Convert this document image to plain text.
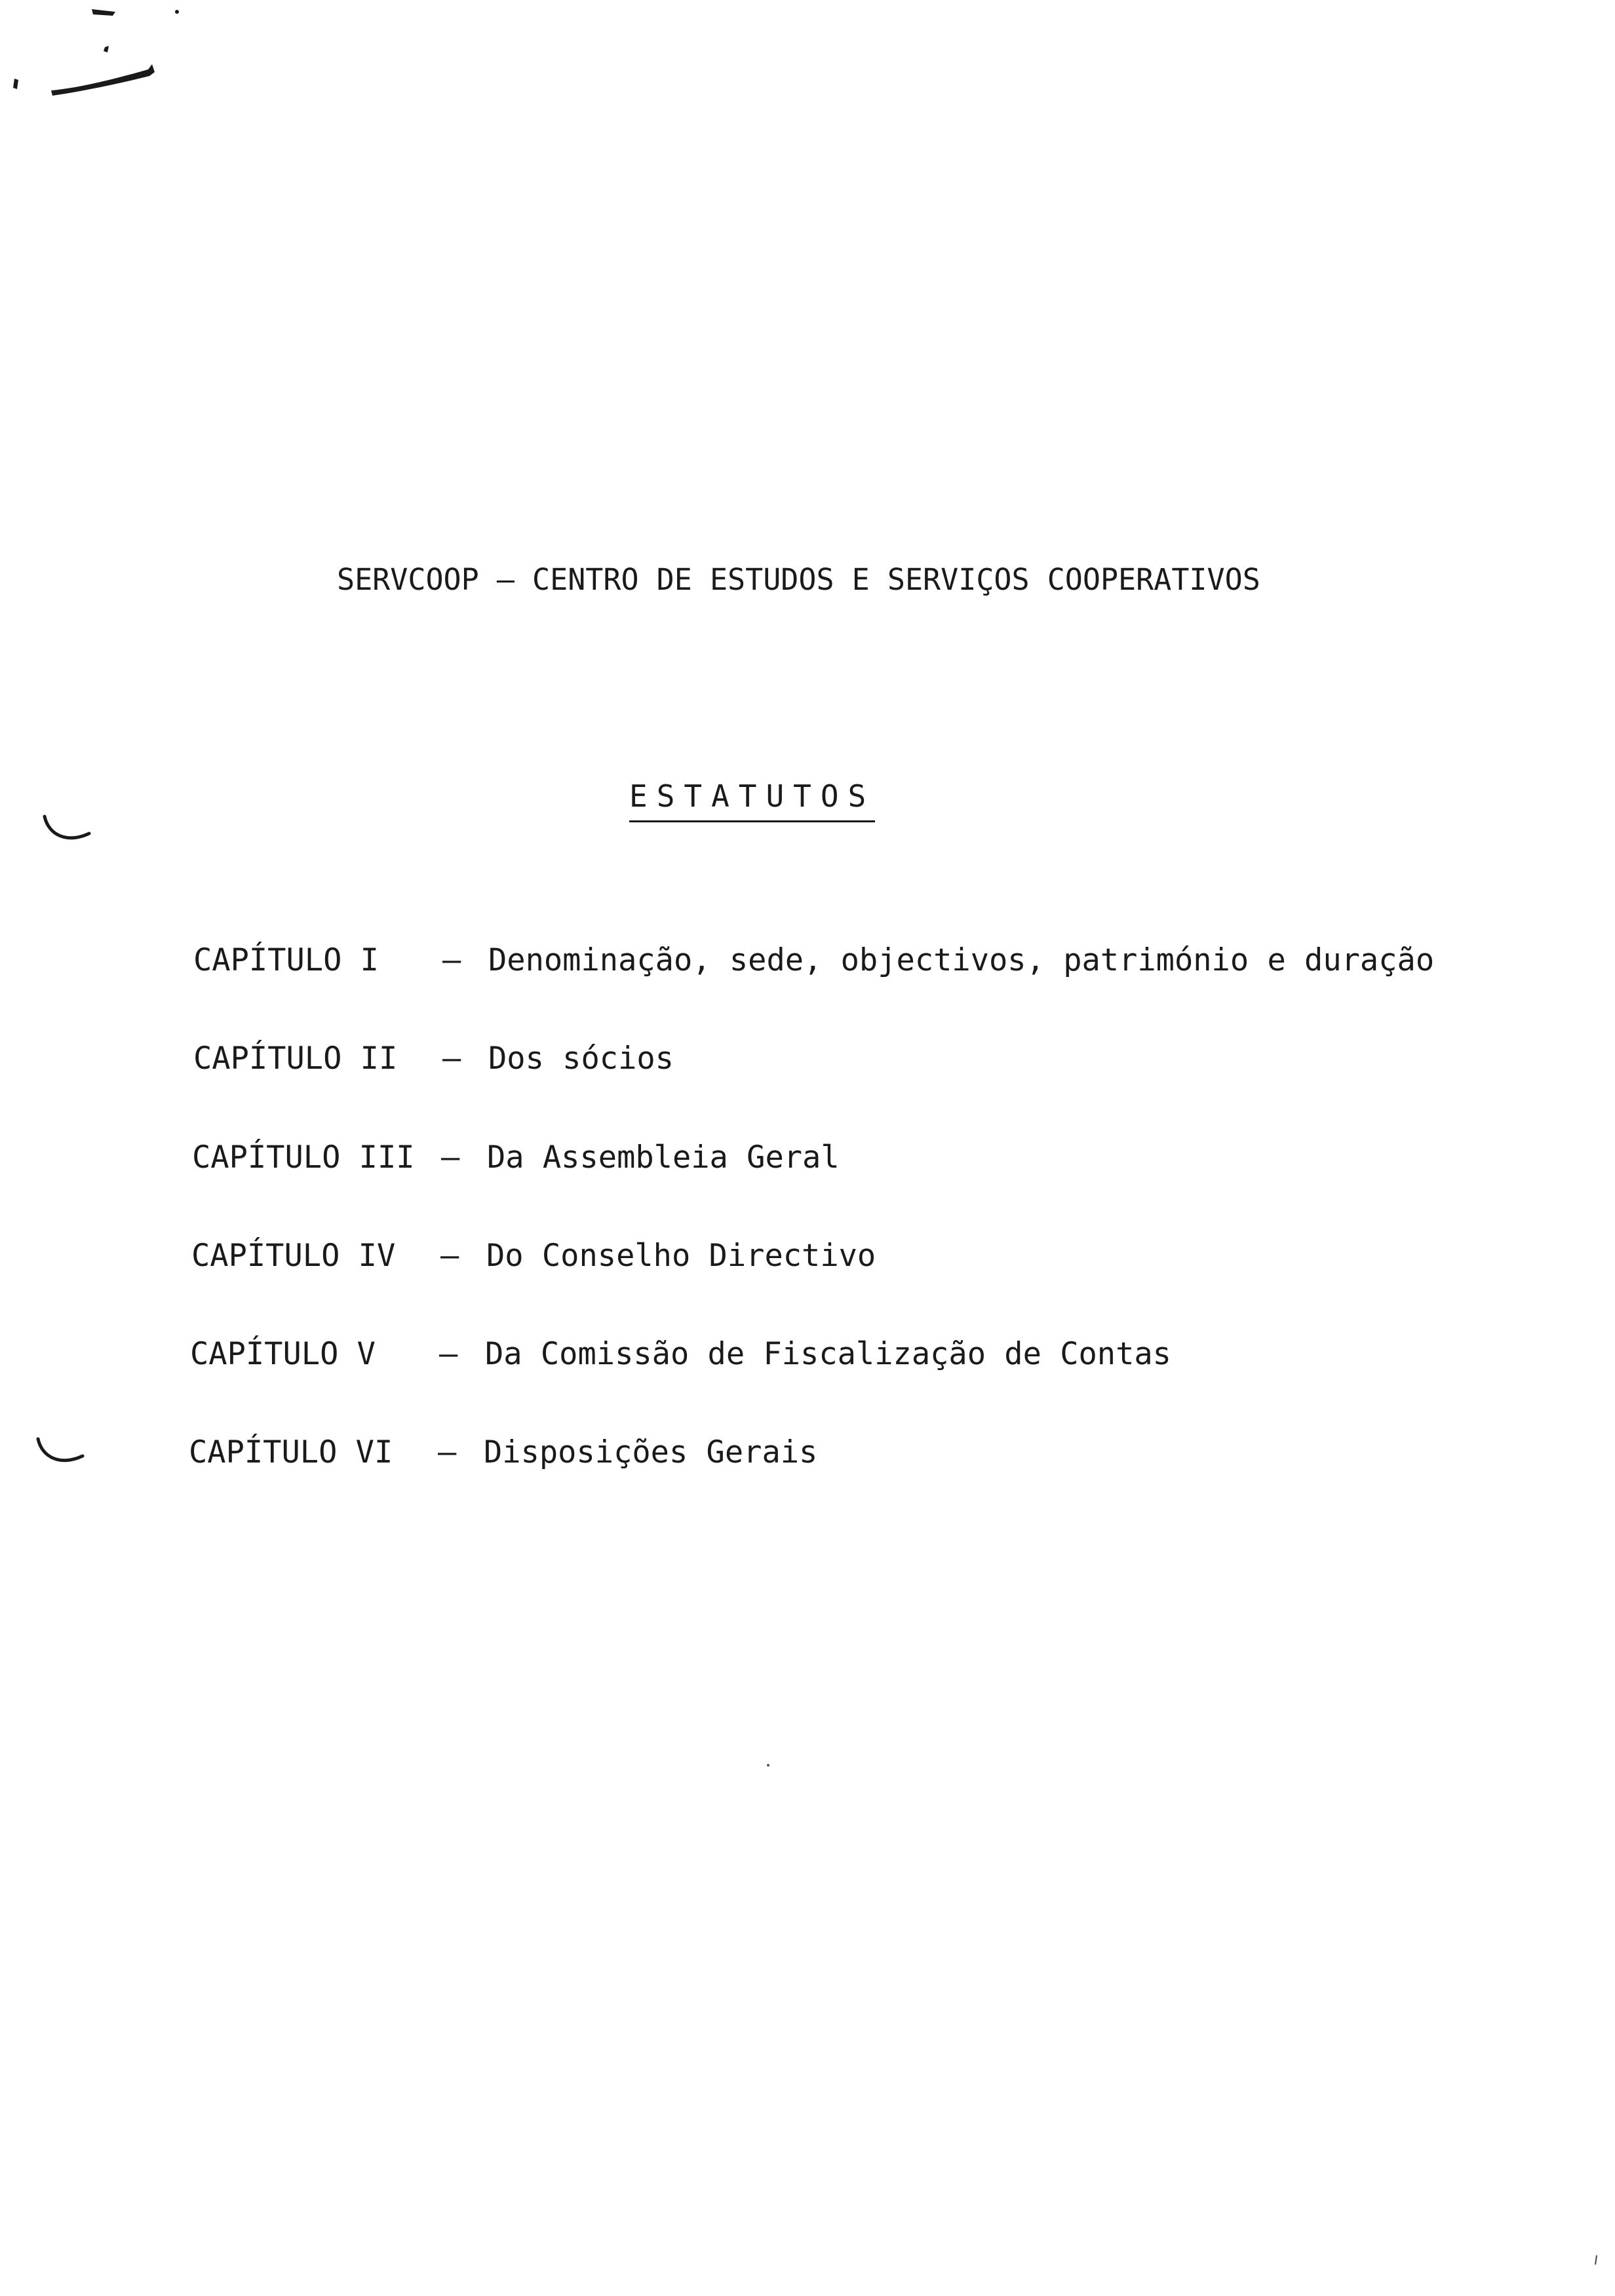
SERVCOOP — CENTRO DE ESTUDOS E SERVIÇOS COOPERATIVOS
ESTATUTOS
CAPÍTULO I — Denominação, sede, objectivos, património e duração
CAPÍTULO II — Dos sócios
CAPÍTULO III — Da Assembleia Geral
CAPÍTULO IV — Do Conselho Directivo
CAPÍTULO V — Da Comissão de Fiscalização de Contas
CAPÍTULO VI — Disposições Gerais
